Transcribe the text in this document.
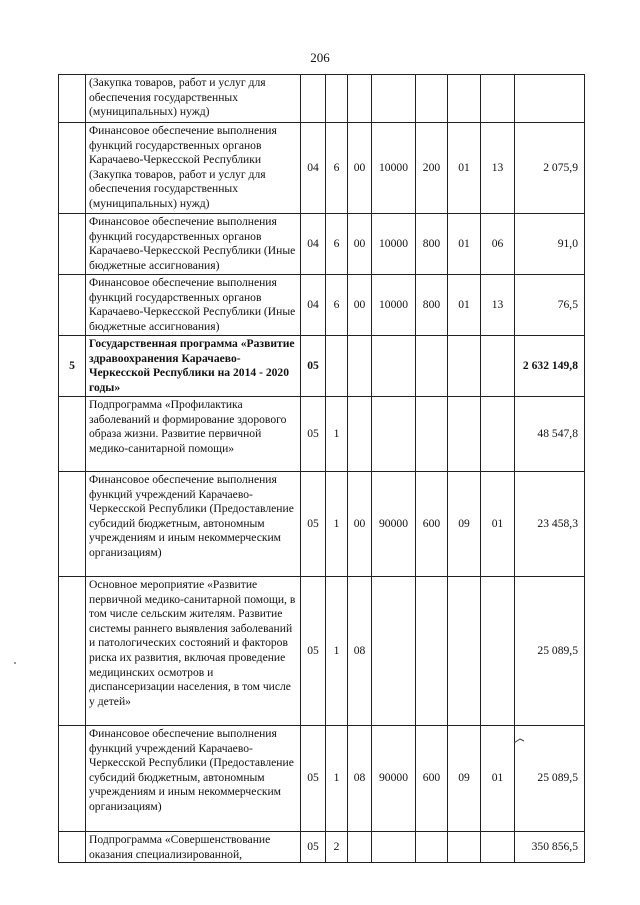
206
	(Закупка товаров, работ и услуг для обеспечения государственных (муниципальных) нужд)								
	Финансовое обеспечение выполнения функций государственных органов Карачаево-Черкесской Республики (Закупка товаров, работ и услуг для обеспечения государственных (муниципальных) нужд)	04	6	00	10000	200	01	13	2 075,9
	Финансовое обеспечение выполнения функций государственных органов Карачаево-Черкесской Республики (Иные бюджетные ассигнования)	04	6	00	10000	800	01	06	91,0
	Финансовое обеспечение выполнения функций государственных органов Карачаево-Черкесской Республики (Иные бюджетные ассигнования)	04	6	00	10000	800	01	13	76,5
5	Государственная программа «Развитие здравоохранения Карачаево-Черкесской Республики на 2014 - 2020 годы»	05							2 632 149,8
	Подпрограмма «Профилактика заболеваний и формирование здорового образа жизни. Развитие первичной медико-санитарной помощи»	05	1						48 547,8
	Финансовое обеспечение выполнения функций учреждений Карачаево-Черкесской Республики (Предоставление субсидий бюджетным, автономным учреждениям и иным некоммерческим организациям)	05	1	00	90000	600	09	01	23 458,3
	Основное мероприятие «Развитие первичной медико-санитарной помощи, в том числе сельским жителям. Развитие системы раннего выявления заболеваний и патологических состояний и факторов риска их развития, включая проведение медицинских осмотров и диспансеризации населения, в том числе у детей»	05	1	08					25 089,5
	Финансовое обеспечение выполнения функций учреждений Карачаево-Черкесской Республики (Предоставление субсидий бюджетным, автономным учреждениям и иным некоммерческим организациям)	05	1	08	90000	600	09	01	25 089,5
	Подпрограмма «Совершенствование оказания специализированной,	05	2						350 856,5
